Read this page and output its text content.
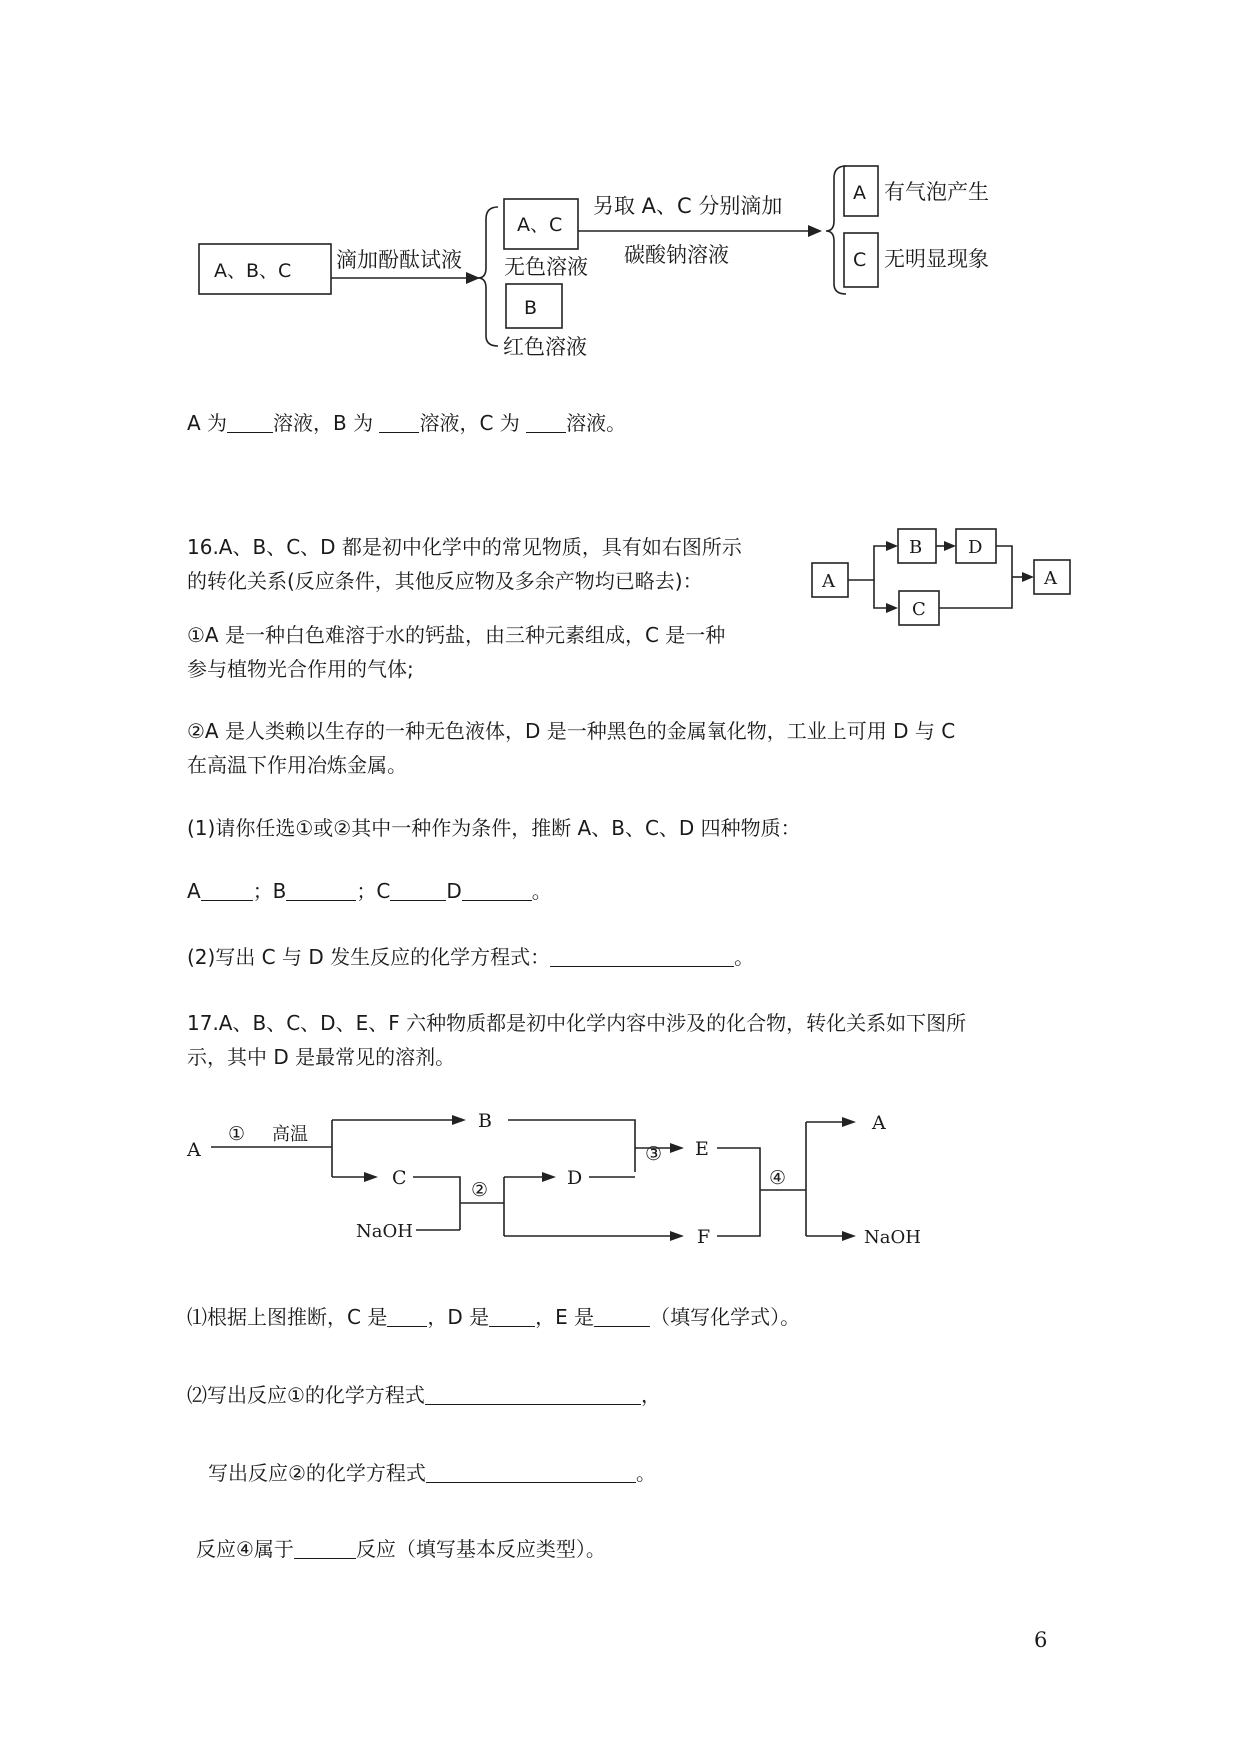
A、B、C 滴加酚酞试液
A、C
无色溶液
B
红色溶液
另取 A、C 分别滴加
碳酸钠溶液
A 有气泡产生
C 无明显现象
A 为 溶液，B 为 溶液，C 为 溶液。
16.A、B、C、D 都是初中化学中的常见物质，具有如右图所示
的转化关系(反应条件，其他反应物及多余产物均已略去)：	A
B	D
C
A
①A 是一种白色难溶于水的钙盐，由三种元素组成，C 是一种
参与植物光合作用的气体;
②A 是人类赖以生存的一种无色液体，D 是一种黑色的金属氧化物，工业上可用 D 与 C
在高温下作用冶炼金属。
(1)请你任选①或②其中一种作为条件，推断 A、B、C、D 四种物质：
A	；B	；C	D	。
(2)写出 C 与 D 发生反应的化学方程式：	。
17.A、B、C、D、E、F 六种物质都是初中化学内容中涉及的化合物，转化关系如下图所
示，其中 D 是最常见的溶剂。
A
① 高温
B
C
NaOH
②
D
F
③ E
④
A
NaOH
⑴根据上图推断，C 是 ，D 是 ，E 是	（填写化学式）。
⑵写出反应①的化学方程式	，
写出反应②的化学方程式	。
反应④属于	反应（填写基本反应类型）。
6
